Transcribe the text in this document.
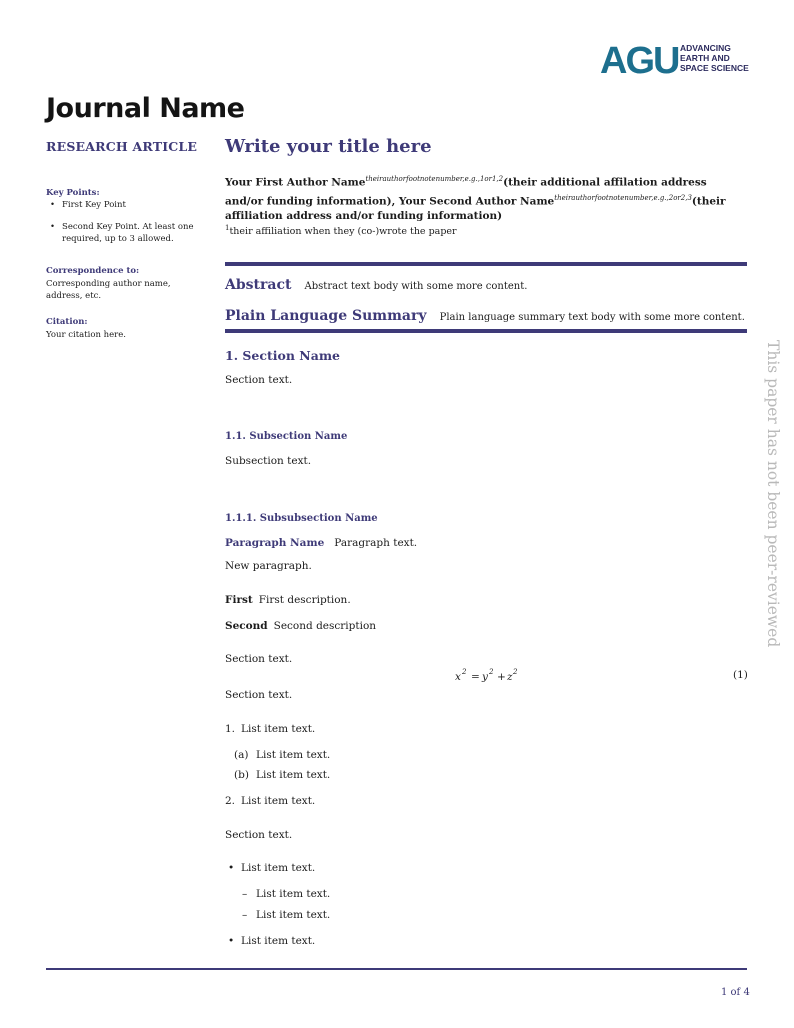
AGU ADVANCING
EARTH AND
SPACE SCIENCE
Journal Name
RESEARCH ARTICLE
Key Points:
• First Key Point
• Second Key Point. At least one required, up to 3 allowed.
Correspondence to:
Corresponding author name, address, etc.
Citation:
Your citation here.
Write your title here
Your First Author Name$^{theirauthorfootnotenumber,e.g.,1or1,2}$(their additional affilation address and/or funding information), Your Second Author Name$^{theirauthorfootnotenumber,e.g.,2or2,3}$(their affiliation address and/or funding information)
$^1$their affiliation when they (co-)wrote the paper
Abstract Abstract text body with some more content.
Plain Language Summary Plain language summary text body with some more content.
1. Section Name
Section text.
1.1. Subsection Name
Subsection text.
1.1.1. Subsubsection Name
Paragraph Name Paragraph text.
New paragraph.
First First description.
Second Second description
Section text.
x 2 = y 2 + z 2	(1)
Section text.
1. List item text.
(a) List item text.
(b) List item text.
2. List item text.
Section text.
• List item text.
– List item text.
– List item text.
• List item text.
This paper has not been peer-reviewed
1 of 4
